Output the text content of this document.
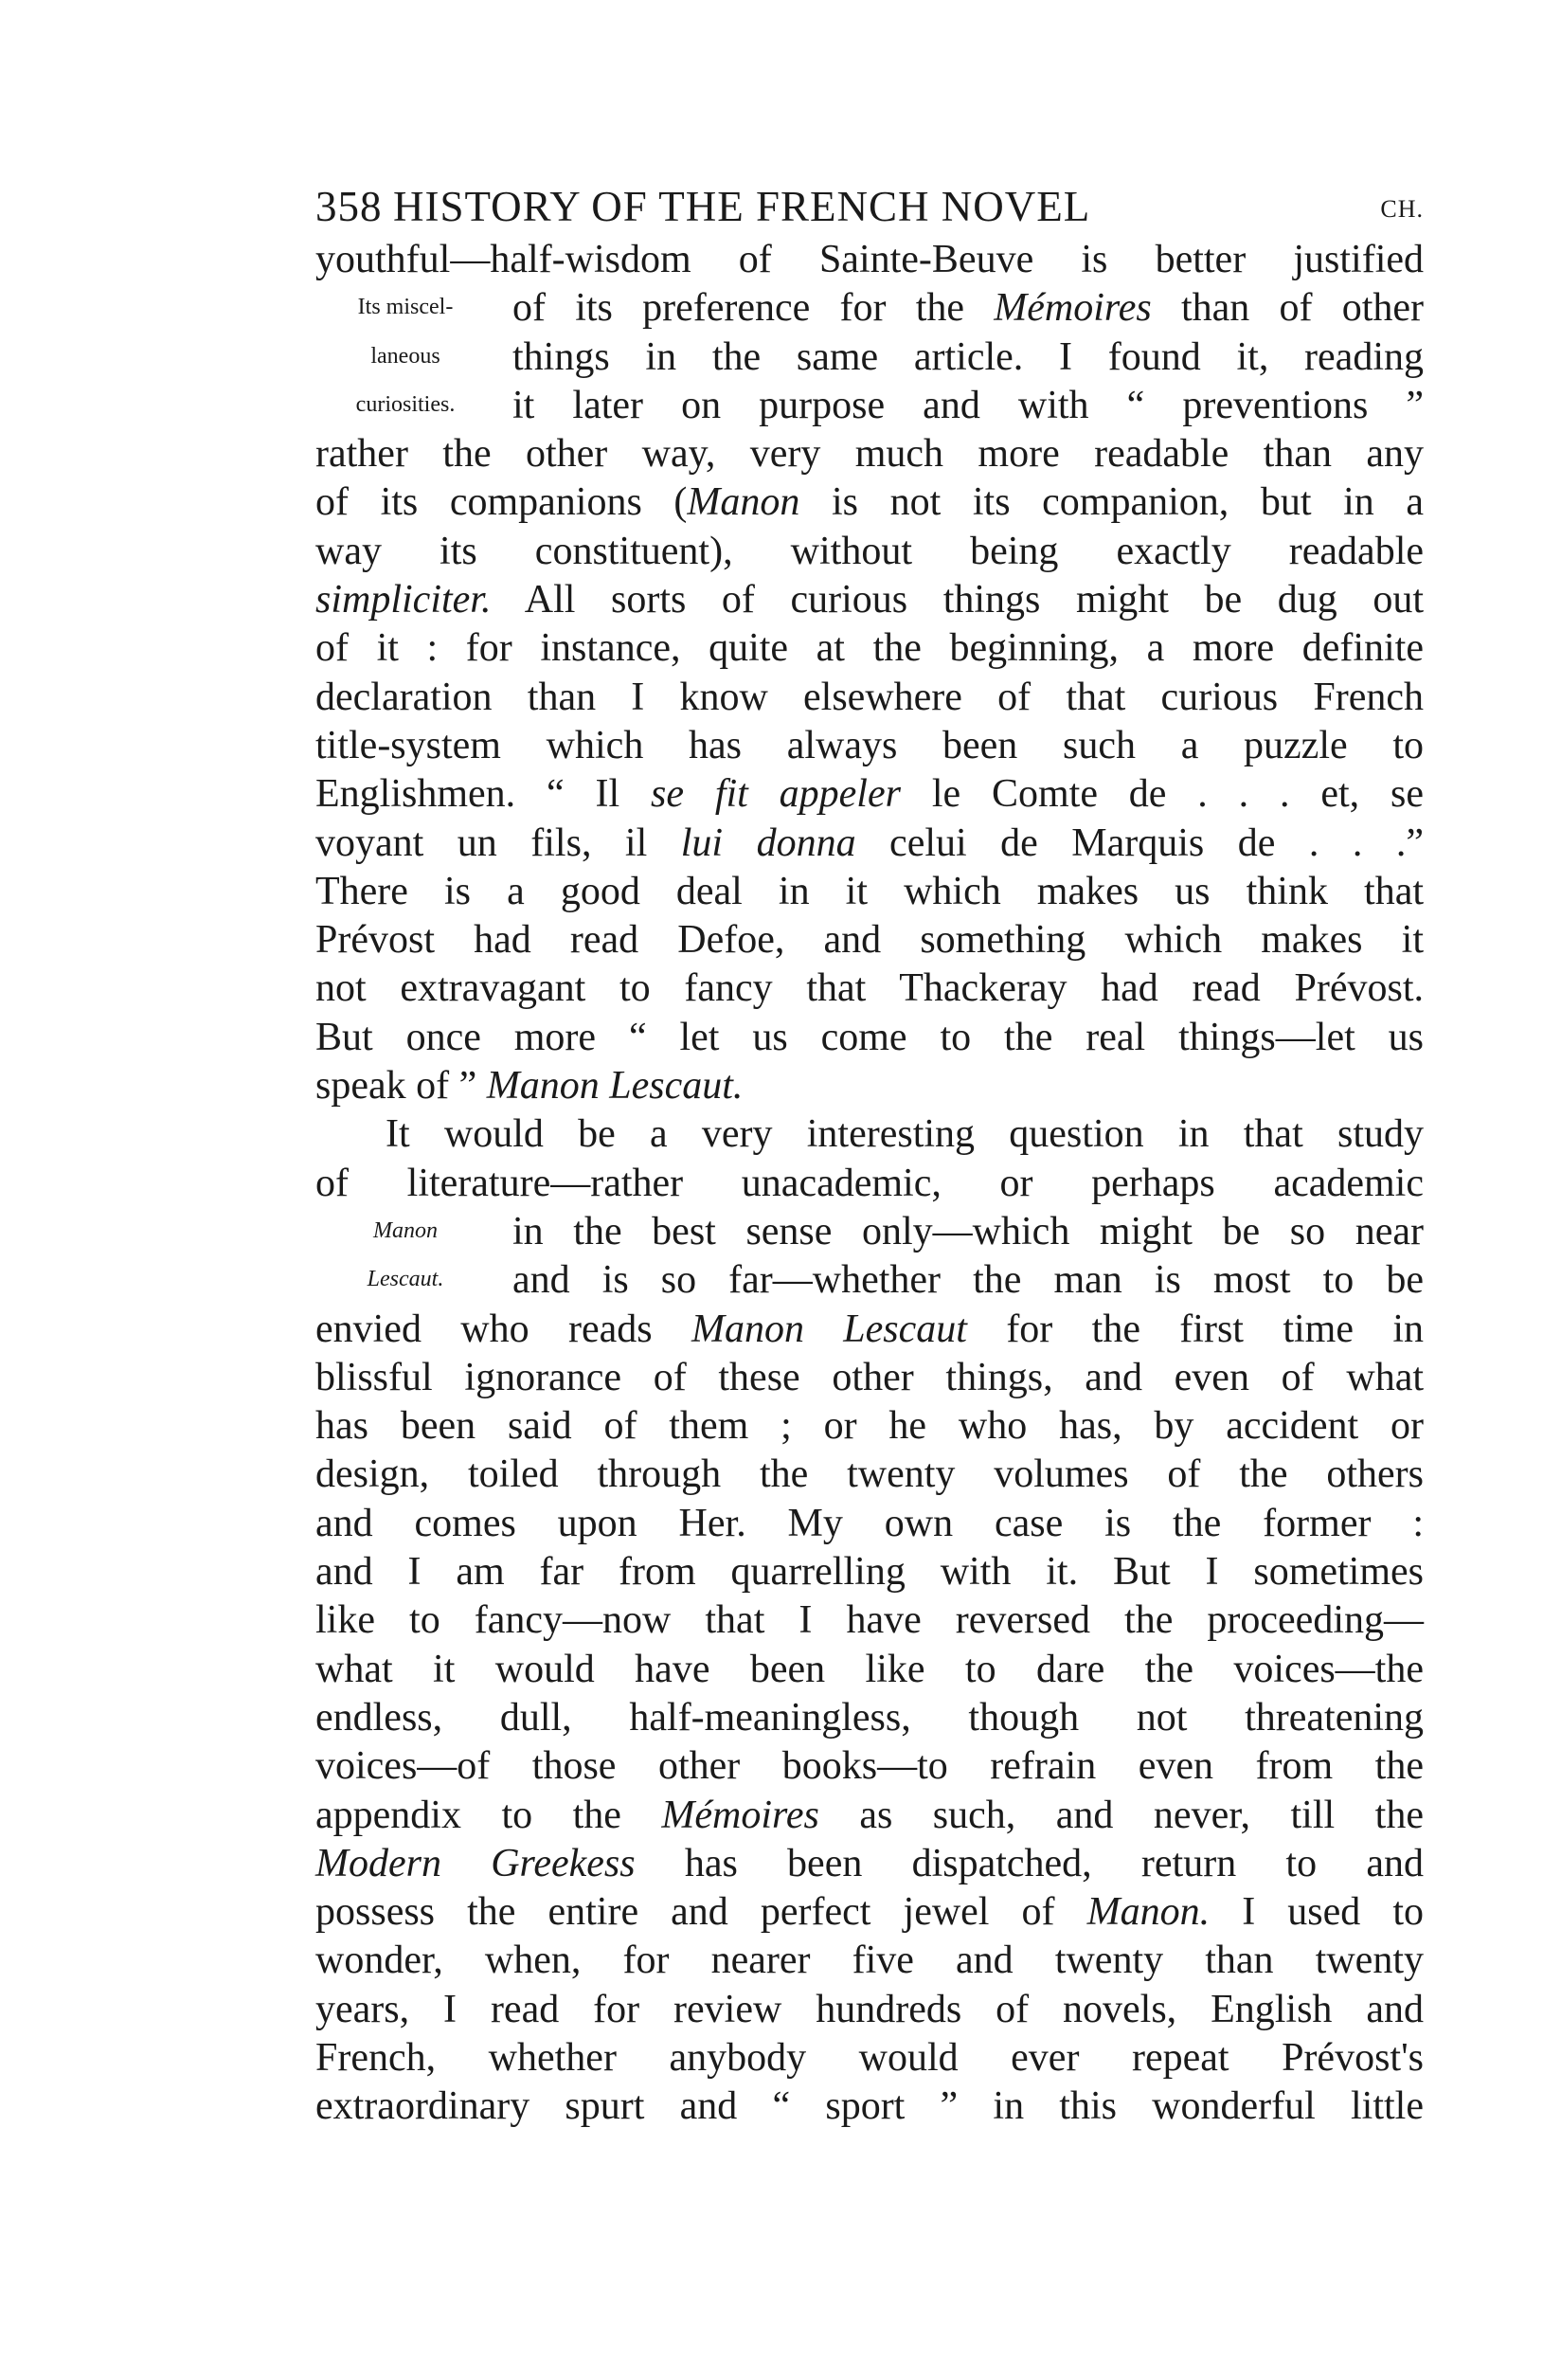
358 HISTORY OF THE FRENCH NOVEL	CH.
youthful—half-wisdom of Sainte-Beuve is better justified
Its miscel-	of its preference for the Mémoires than of other
laneous	things in the same article. I found it, reading
curiosities.	it later on purpose and with “ preventions ”
rather the other way, very much more readable than any
of its companions (Manon is not its companion, but in a
way its constituent), without being exactly readable
simpliciter. All sorts of curious things might be dug out
of it : for instance, quite at the beginning, a more definite
declaration than I know elsewhere of that curious French
title-system which has always been such a puzzle to
Englishmen. “ Il se fit appeler le Comte de . . . et, se
voyant un fils, il lui donna celui de Marquis de . . .”
There is a good deal in it which makes us think that
Prévost had read Defoe, and something which makes it
not extravagant to fancy that Thackeray had read Prévost.
But once more “ let us come to the real things—let us
speak of ” Manon Lescaut.
It would be a very interesting question in that study
of literature—rather unacademic, or perhaps academic
Manon	in the best sense only—which might be so near
Lescaut.	and is so far—whether the man is most to be
envied who reads Manon Lescaut for the first time in
blissful ignorance of these other things, and even of what
has been said of them ; or he who has, by accident or
design, toiled through the twenty volumes of the others
and comes upon Her. My own case is the former :
and I am far from quarrelling with it. But I sometimes
like to fancy—now that I have reversed the proceeding—
what it would have been like to dare the voices—the
endless, dull, half-meaningless, though not threatening
voices—of those other books—to refrain even from the
appendix to the Mémoires as such, and never, till the
Modern Greekess has been dispatched, return to and
possess the entire and perfect jewel of Manon. I used to
wonder, when, for nearer five and twenty than twenty
years, I read for review hundreds of novels, English and
French, whether anybody would ever repeat Prévost's
extraordinary spurt and “ sport ” in this wonderful little
